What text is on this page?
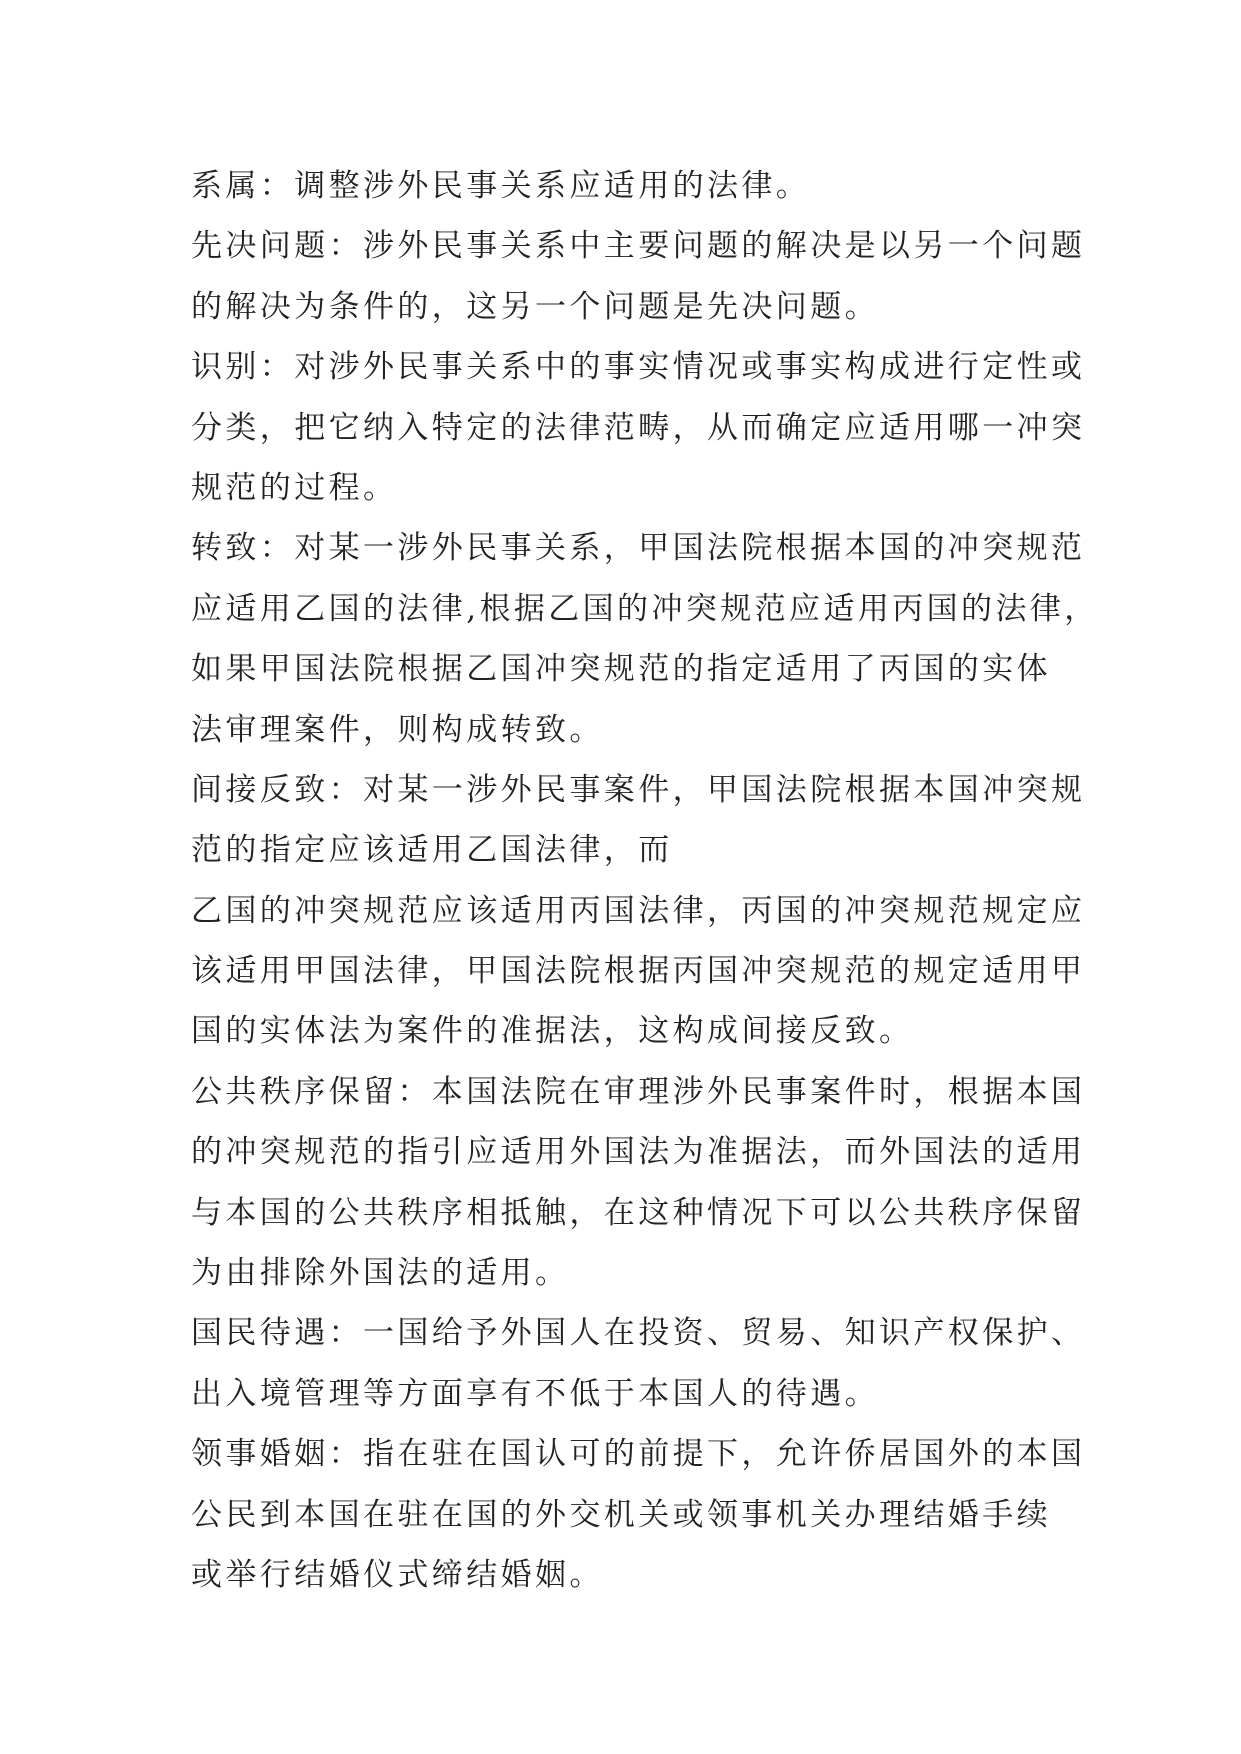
系属：调整涉外民事关系应适用的法律。
先决问题：涉外民事关系中主要问题的解决是以另一个问题
的解决为条件的，这另一个问题是先决问题。
识别：对涉外民事关系中的事实情况或事实构成进行定性或
分类，把它纳入特定的法律范畴，从而确定应适用哪一冲突
规范的过程。
转致：对某一涉外民事关系，甲国法院根据本国的冲突规范
应适用乙国的法律,根据乙国的冲突规范应适用丙国的法律，
如果甲国法院根据乙国冲突规范的指定适用了丙国的实体
法审理案件，则构成转致。
间接反致：对某一涉外民事案件，甲国法院根据本国冲突规
范的指定应该适用乙国法律，而
乙国的冲突规范应该适用丙国法律，丙国的冲突规范规定应
该适用甲国法律，甲国法院根据丙国冲突规范的规定适用甲
国的实体法为案件的准据法，这构成间接反致。
公共秩序保留：本国法院在审理涉外民事案件时，根据本国
的冲突规范的指引应适用外国法为准据法，而外国法的适用
与本国的公共秩序相抵触，在这种情况下可以公共秩序保留
为由排除外国法的适用。
国民待遇：一国给予外国人在投资、贸易、知识产权保护、
出入境管理等方面享有不低于本国人的待遇。
领事婚姻：指在驻在国认可的前提下，允许侨居国外的本国
公民到本国在驻在国的外交机关或领事机关办理结婚手续
或举行结婚仪式缔结婚姻。
